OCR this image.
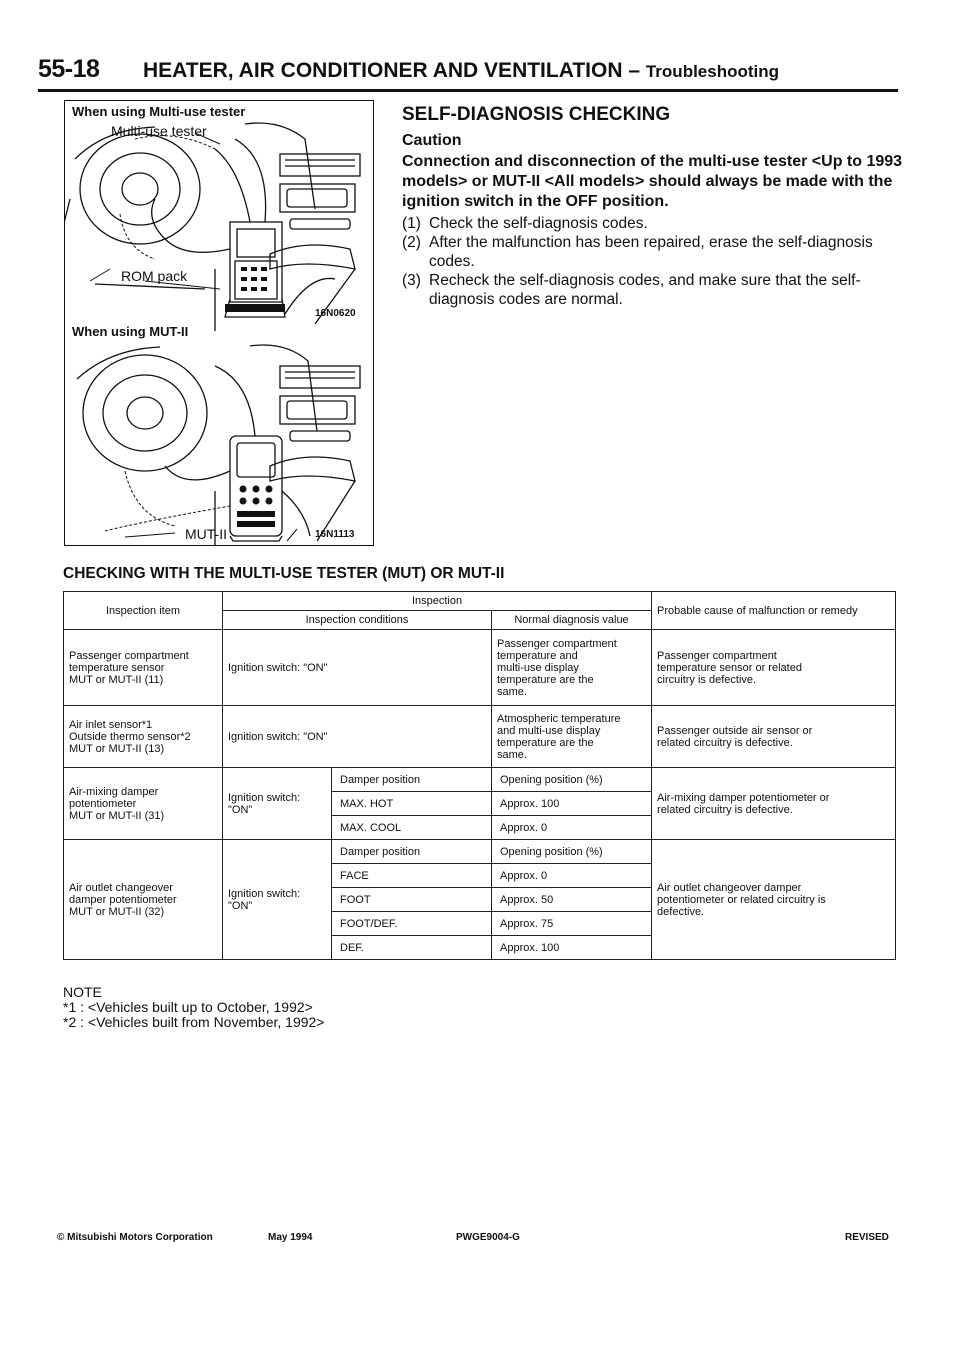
55-18 HEATER, AIR CONDITIONER AND VENTILATION – Troubleshooting
When using Multi-use tester
Multi-use tester
ROM pack
16N0620
When using MUT-II
MUT-II	16N1113
SELF-DIAGNOSIS CHECKING
Caution
Connection and disconnection of the multi-use tester <Up to 1993 models> or MUT-II <All models> should always be made with the ignition switch in the OFF position.
(1) Check the self-diagnosis codes.
(2) After the malfunction has been repaired, erase the self-diagnosis codes.
(3) Recheck the self-diagnosis codes, and make sure that the self-diagnosis codes are normal.
CHECKING WITH THE MULTI-USE TESTER (MUT) OR MUT-II
Inspection item	Inspection			Probable cause of malfunction or remedy
	Inspection conditions		Normal diagnosis value	
Passenger compartment
temperature sensor
MUT or MUT-II (11)	Ignition switch: "ON"		Passenger compartment
temperature and
multi-use display
temperature are the
same.	Passenger compartment
temperature sensor or related
circuitry is defective.
Air inlet sensor*1
Outside thermo sensor*2
MUT or MUT-II (13)	Ignition switch: "ON"		Atmospheric temperature
and multi-use display
temperature are the
same.	Passenger outside air sensor or
related circuitry is defective.
Air-mixing damper
potentiometer
MUT or MUT-II (31)	Ignition switch:
"ON"	Damper position	Opening position (%)	Air-mixing damper potentiometer or
related circuitry is defective.
		MAX. HOT	Approx. 100	
		MAX. COOL	Approx. 0	
Air outlet changeover
damper potentiometer
MUT or MUT-II (32)	Ignition switch:
"ON"	Damper position	Opening position (%)	Air outlet changeover damper
potentiometer or related circuitry is
defective.
		FACE	Approx. 0	
		FOOT	Approx. 50	
		FOOT/DEF.	Approx. 75	
		DEF.	Approx. 100	
NOTE
*1 : <Vehicles built up to October, 1992>
*2 : <Vehicles built from November, 1992>
© Mitsubishi Motors Corporation	May 1994	PWGE9004-G	REVISED
